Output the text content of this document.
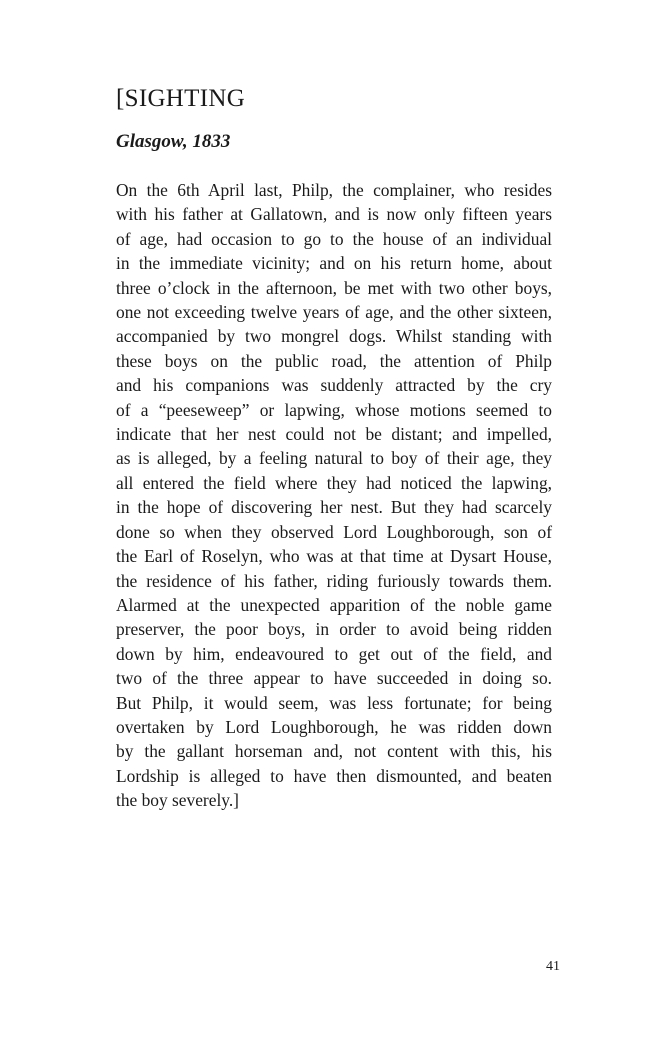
[SIGHTING
Glasgow, 1833

On the 6th April last, Philp, the complainer, who resides
with his father at Gallatown, and is now only fifteen years
of age, had occasion to go to the house of an individual
in the immediate vicinity; and on his return home, about
three o’clock in the afternoon, be met with two other boys,
one not exceeding twelve years of age, and the other sixteen,
accompanied by two mongrel dogs. Whilst standing with
these boys on the public road, the attention of Philp
and his companions was suddenly attracted by the cry
of a “peeseweep” or lapwing, whose motions seemed to
indicate that her nest could not be distant; and impelled,
as is alleged, by a feeling natural to boy of their age, they
all entered the field where they had noticed the lapwing,
in the hope of discovering her nest. But they had scarcely
done so when they observed Lord Loughborough, son of
the Earl of Roselyn, who was at that time at Dysart House,
the residence of his father, riding furiously towards them.
Alarmed at the unexpected apparition of the noble game
preserver, the poor boys, in order to avoid being ridden
down by him, endeavoured to get out of the field, and
two of the three appear to have succeeded in doing so.
But Philp, it would seem, was less fortunate; for being
overtaken by Lord Loughborough, he was ridden down
by the gallant horseman and, not content with this, his
Lordship is alleged to have then dismounted, and beaten
the boy severely.]

41
